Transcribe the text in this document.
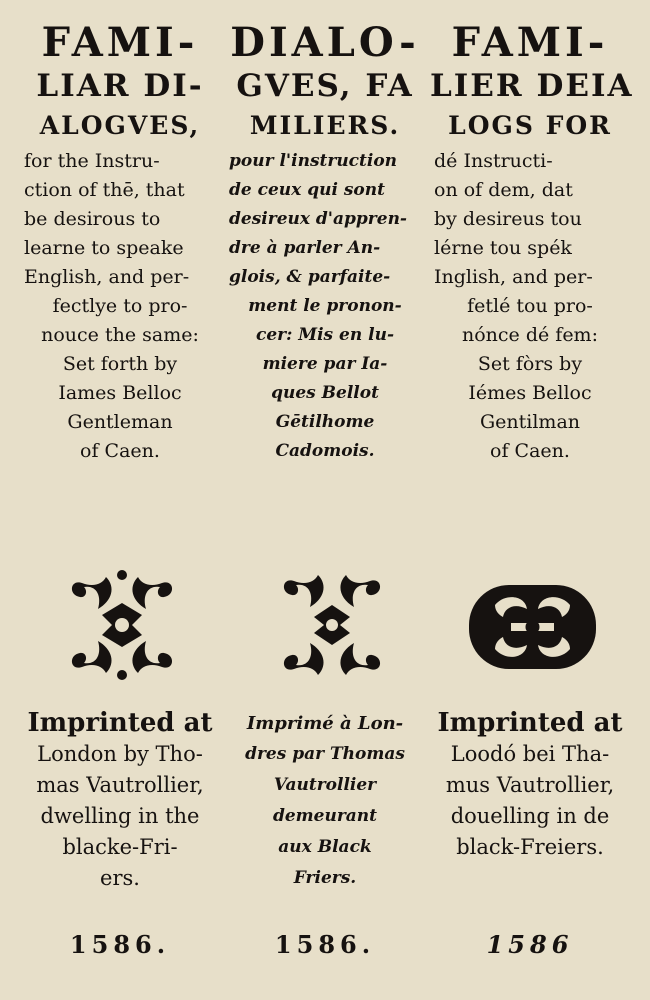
FAMI-
LIAR DI-
ALOGVES,
for the Instru-
ction of thē, that
be desirous to
learne to speake
English, and per-
fectlye to pro-
nouce the same:
Set forth by
Iames Belloc
Gentleman
of Caen.
DIALO-
GVES, FA
MILIERS.
pour l'instruction
de ceux qui sont
desireux d'appren-
dre à parler An-
glois, & parfaite-
ment le pronon-
cer: Mis en lu-
miere par Ia-
ques Bellot
Gētilhome
Cadomois.
FAMI-
LIER DEIA
LOGS FOR
dé Instructi-
on of dem, dat
by desireus tou
lérne tou spék
Inglish, and per-
fetlé tou pro-
nónce dé fem:
Set fòrs by
Iémes Belloc
Gentilman
of Caen.
Imprinted at
London by Tho-
mas Vautrollier,
dwelling in the
blacke-Fri-
ers.
Imprimé à Lon-
dres par Thomas
Vautrollier
demeurant
aux Black
Friers.
Imprinted at
Loodó bei Tha-
mus Vautrollier,
douelling in de
black-Freiers.
1586.	1586.	1586
